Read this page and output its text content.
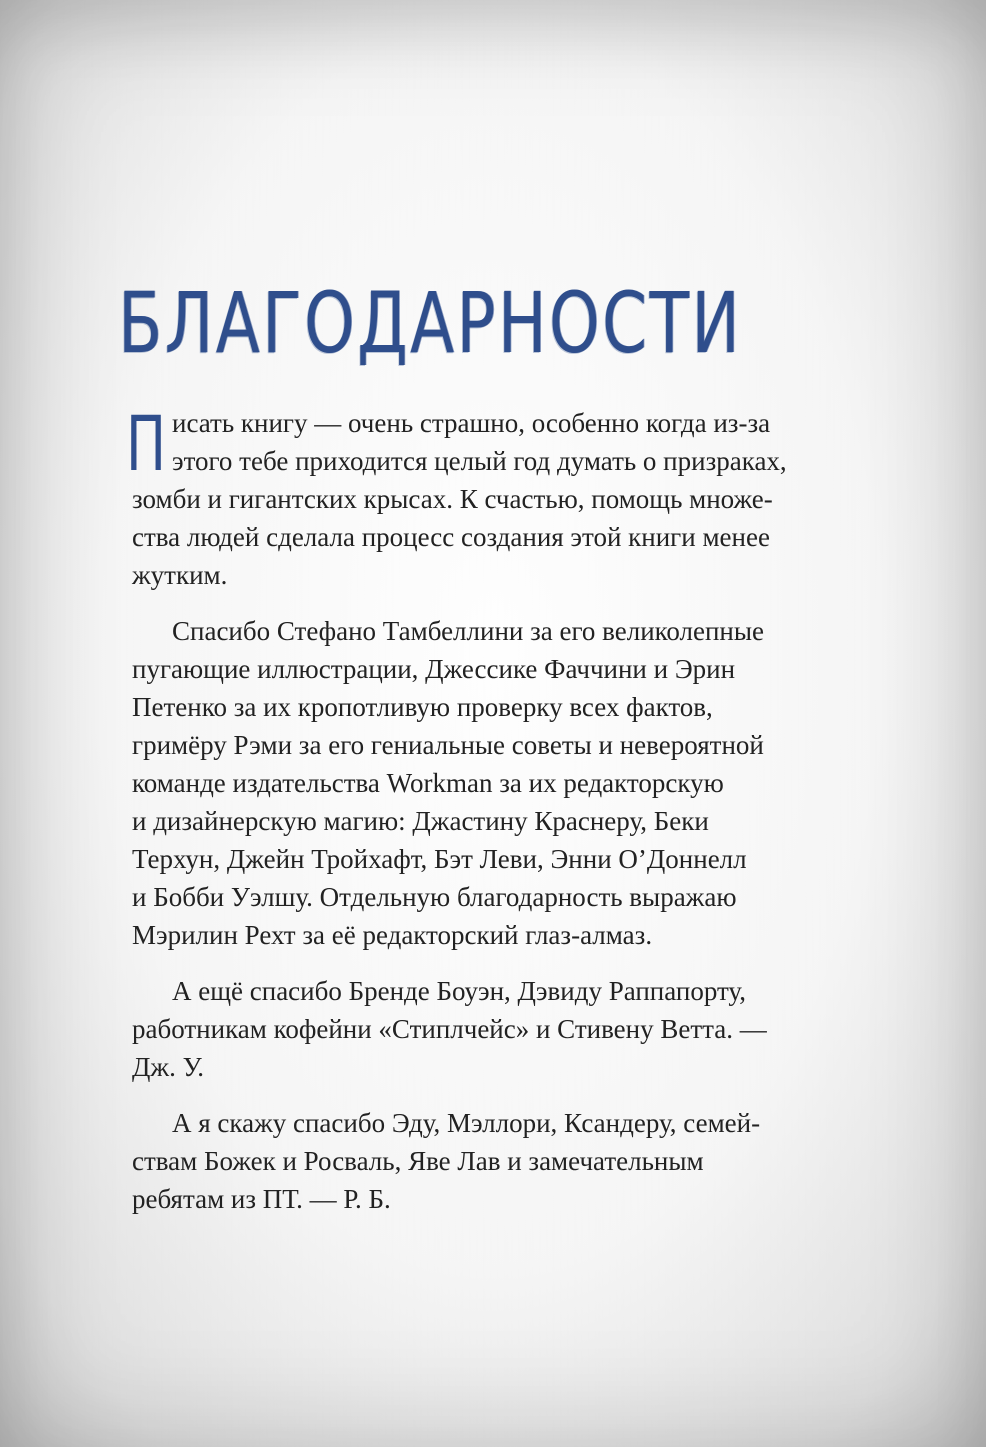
БЛАГОДАРНОСТИ
П исать книгу — очень страшно, особенно когда из-за
этого тебе приходится целый год думать о призраках,
зомби и гигантских крысах. К счастью, помощь множе-
ства людей сделала процесс создания этой книги менее
жутким.

Спасибо Стефано Тамбеллини за его великолепные
пугающие иллюстрации, Джессике Фаччини и Эрин
Петенко за их кропотливую проверку всех фактов,
гримёру Рэми за его гениальные советы и невероятной
команде издательства Workman за их редакторскую
и дизайнерскую магию: Джастину Краснеру, Беки
Терхун, Джейн Тройхафт, Бэт Леви, Энни О’Доннелл
и Бобби Уэлшу. Отдельную благодарность выражаю
Мэрилин Рехт за её редакторский глаз-алмаз.

А ещё спасибо Бренде Боуэн, Дэвиду Раппапорту,
работникам кофейни «Стиплчейс» и Стивену Ветта. —
Дж. У.

А я скажу спасибо Эду, Мэллори, Ксандеру, семей-
ствам Божек и Росваль, Яве Лав и замечательным
ребятам из ПТ. — Р. Б.
